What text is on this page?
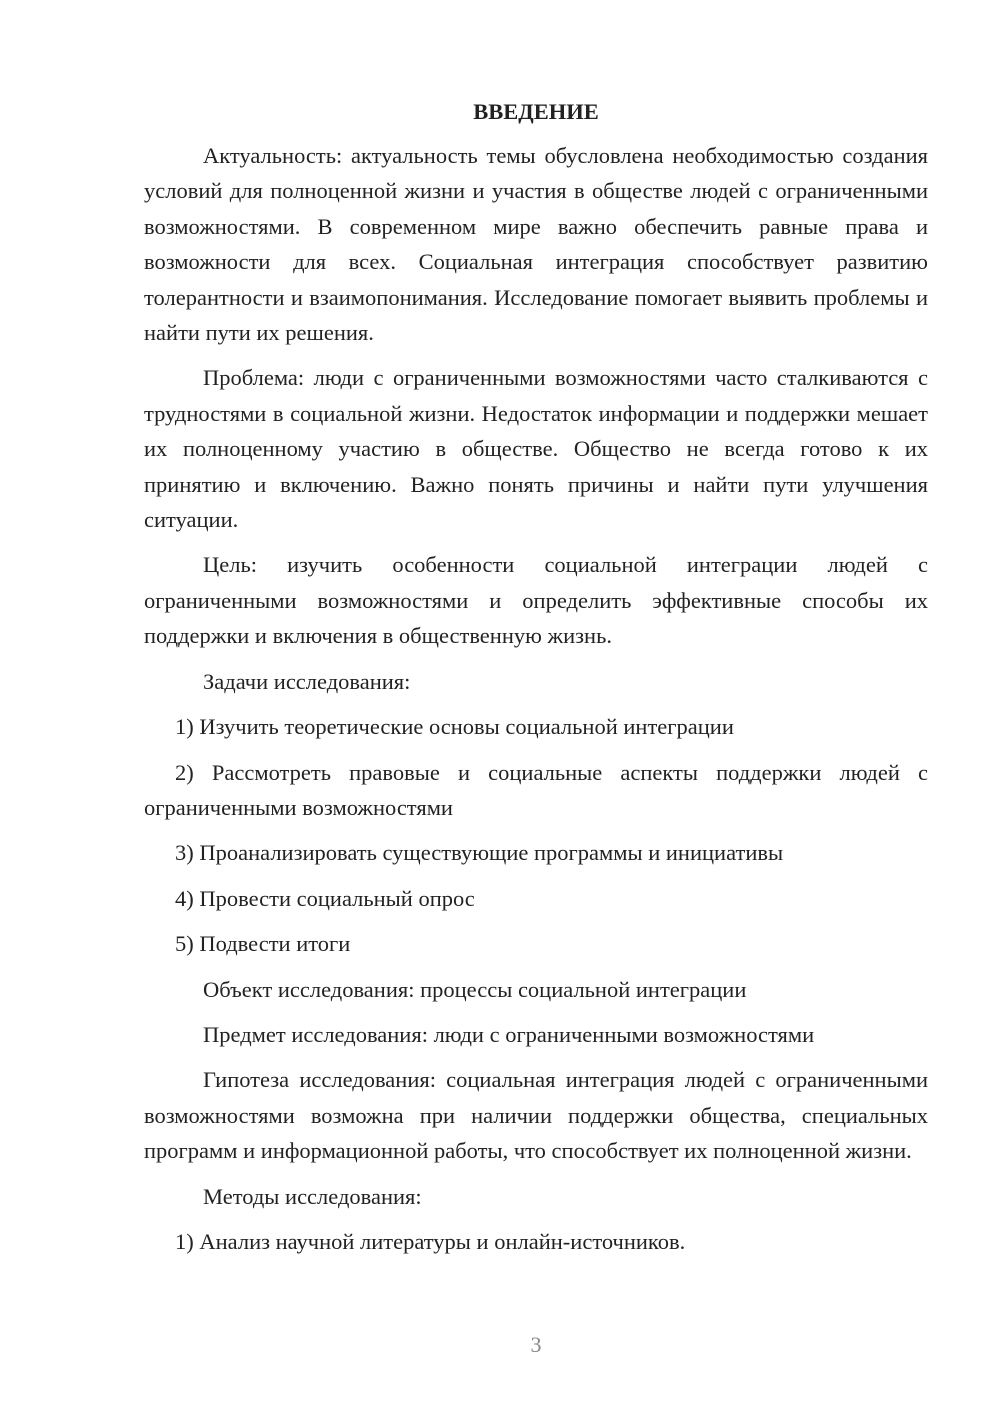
ВВЕДЕНИЕ
Актуальность: актуальность темы обусловлена необходимостью создания условий для полноценной жизни и участия в обществе людей с ограниченными возможностями. В современном мире важно обеспечить равные права и возможности для всех. Социальная интеграция способствует развитию толерантности и взаимопонимания. Исследование помогает выявить проблемы и найти пути их решения.
Проблема: люди с ограниченными возможностями часто сталкиваются с трудностями в социальной жизни. Недостаток информации и поддержки мешает их полноценному участию в обществе. Общество не всегда готово к их принятию и включению. Важно понять причины и найти пути улучшения ситуации.
Цель: изучить особенности социальной интеграции людей с ограниченными возможностями и определить эффективные способы их поддержки и включения в общественную жизнь.
Задачи исследования:
1) Изучить теоретические основы социальной интеграции
2) Рассмотреть правовые и социальные аспекты поддержки людей с ограниченными возможностями
3) Проанализировать существующие программы и инициативы
4) Провести социальный опрос
5) Подвести итоги
Объект исследования: процессы социальной интеграции
Предмет исследования: люди с ограниченными возможностями
Гипотеза исследования: социальная интеграция людей с ограниченными возможностями возможна при наличии поддержки общества, специальных программ и информационной работы, что способствует их полноценной жизни.
Методы исследования:
1) Анализ научной литературы и онлайн-источников.
3
